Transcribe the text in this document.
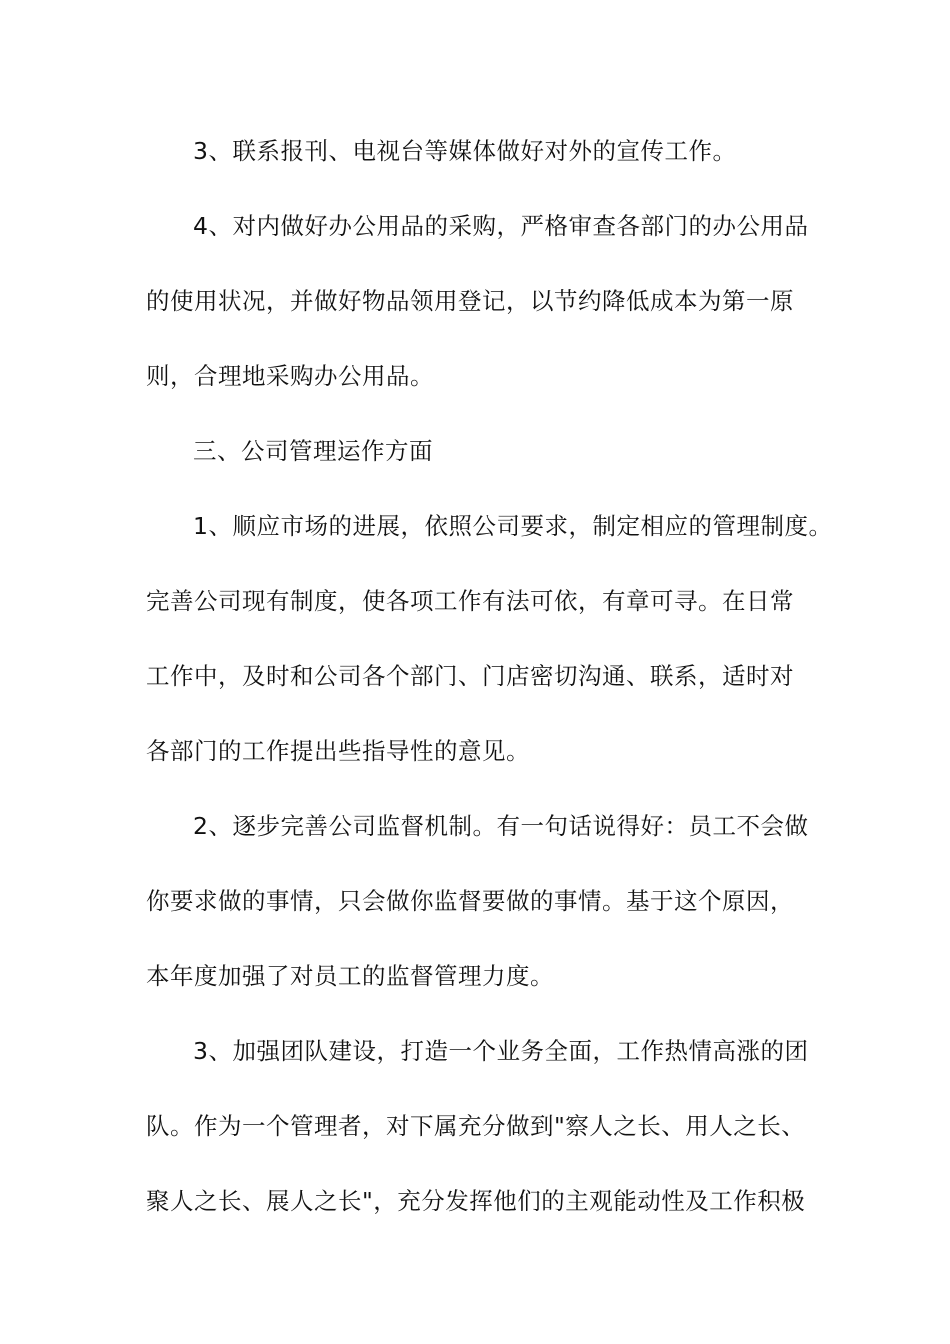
3、联系报刊、电视台等媒体做好对外的宣传工作。
4、对内做好办公用品的采购，严格审查各部门的办公用品
的使用状况，并做好物品领用登记，以节约降低成本为第一原
则，合理地采购办公用品。
三、公司管理运作方面
1、顺应市场的进展，依照公司要求，制定相应的管理制度。
完善公司现有制度，使各项工作有法可依，有章可寻。在日常
工作中，及时和公司各个部门、门店密切沟通、联系，适时对
各部门的工作提出些指导性的意见。
2、逐步完善公司监督机制。有一句话说得好：员工不会做
你要求做的事情，只会做你监督要做的事情。基于这个原因，
本年度加强了对员工的监督管理力度。
3、加强团队建设，打造一个业务全面，工作热情高涨的团
队。作为一个管理者，对下属充分做到"察人之长、用人之长、
聚人之长、展人之长"，充分发挥他们的主观能动性及工作积极
